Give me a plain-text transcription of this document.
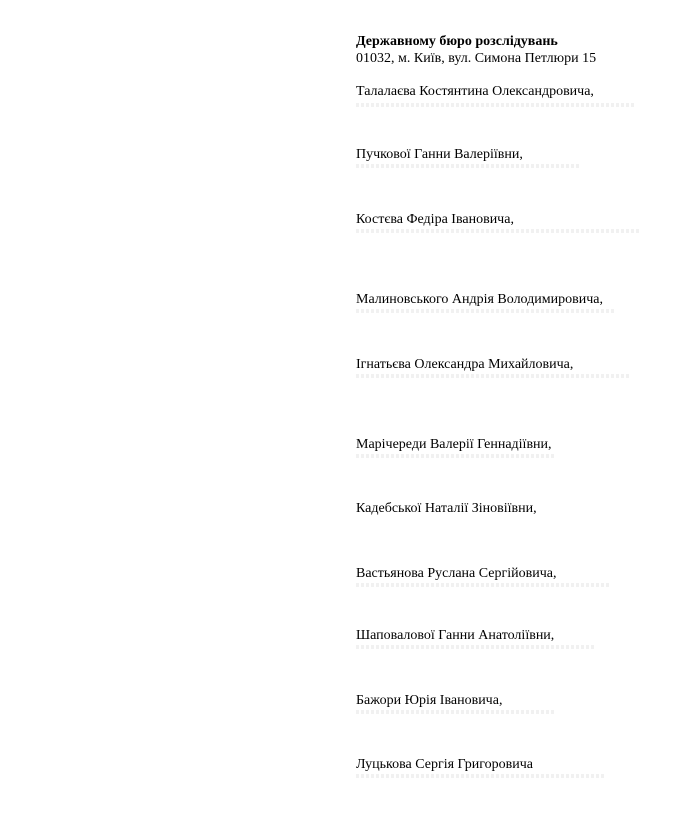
Державному бюро розслідувань
01032, м. Київ, вул. Симона Петлюри 15
Талалаєва Костянтина Олександровича,
Пучкової Ганни Валеріївни,
Костєва Федіра Івановича,
Малиновського Андрія Володимировича,
Ігнатьєва Олександра Михайловича,
Марічереди Валерії Геннадіївни,
Кадебської Наталії Зіновіївни,
Вастьянова Руслана Сергійовича,
Шаповалової Ганни Анатоліївни,
Бажори Юрія Івановича,
Луцькова Сергія Григоровича
